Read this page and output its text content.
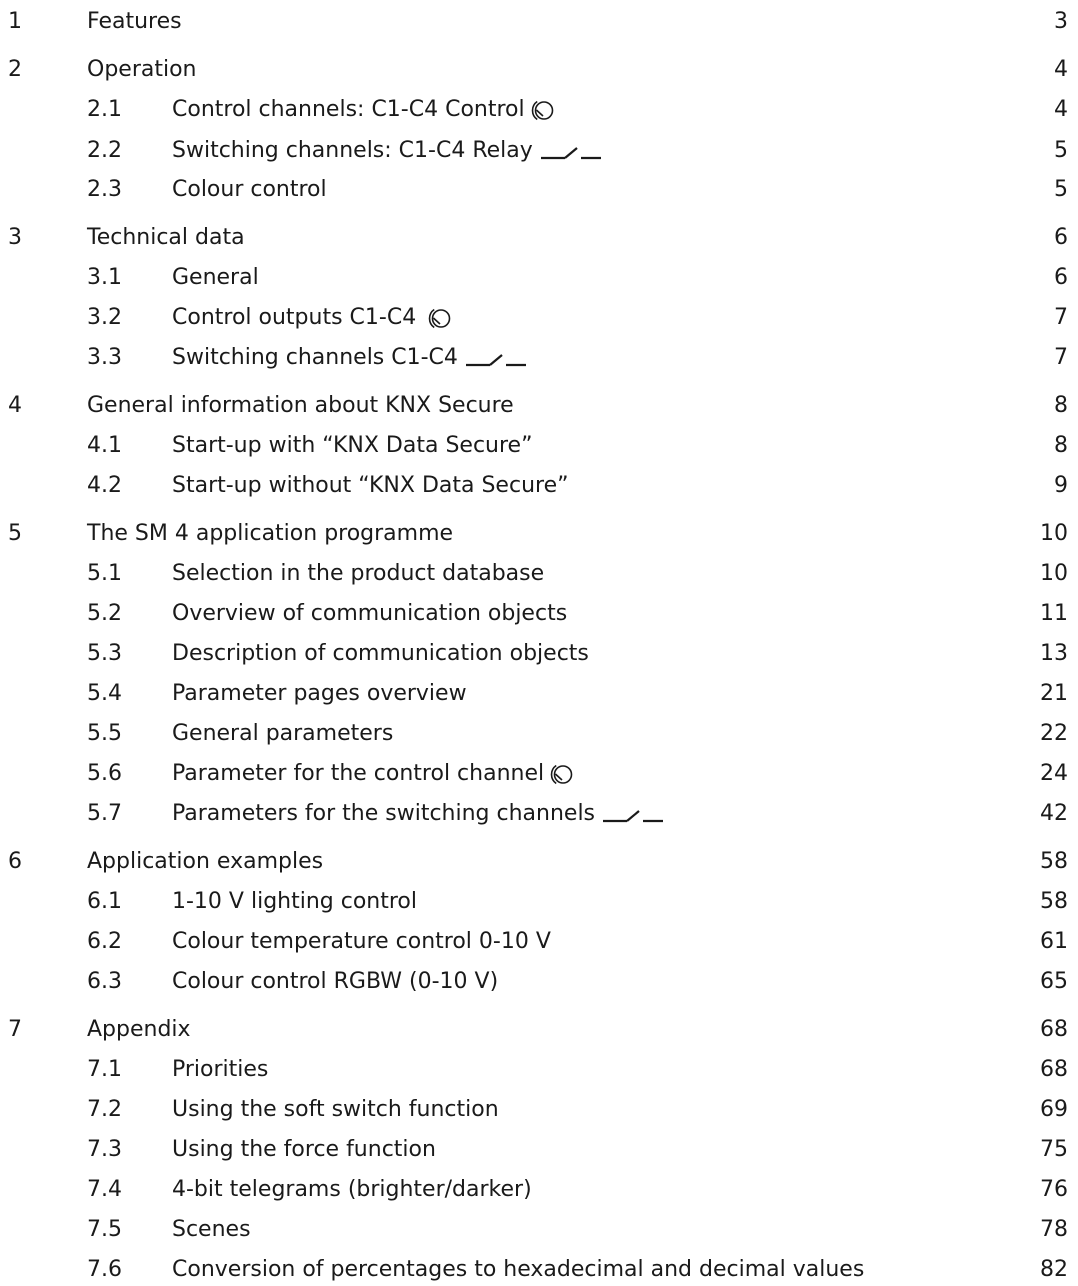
1	Features	3
2	Operation	4
2.1 Control channels: C1-C4 Control	4
2.2 Switching channels: C1-C4 Relay	5
2.3 Colour control	5
3	Technical data	6
3.1 General	6
3.2 Control outputs C1-C4	7
3.3 Switching channels C1-C4	7
4	General information about KNX Secure	8
4.1 Start-up with “KNX Data Secure”	8
4.2 Start-up without “KNX Data Secure”	9
5	The SM 4 application programme	10
5.1 Selection in the product database	10
5.2 Overview of communication objects	11
5.3 Description of communication objects	13
5.4 Parameter pages overview	21
5.5 General parameters	22
5.6 Parameter for the control channel	24
5.7 Parameters for the switching channels	42
6	Application examples	58
6.1 1-10 V lighting control	58
6.2 Colour temperature control 0-10 V	61
6.3 Colour control RGBW (0-10 V)	65
7	Appendix	68
7.1 Priorities	68
7.2 Using the soft switch function	69
7.3 Using the force function	75
7.4 4-bit telegrams (brighter/darker)	76
7.5 Scenes	78
7.6 Conversion of percentages to hexadecimal and decimal values	82
